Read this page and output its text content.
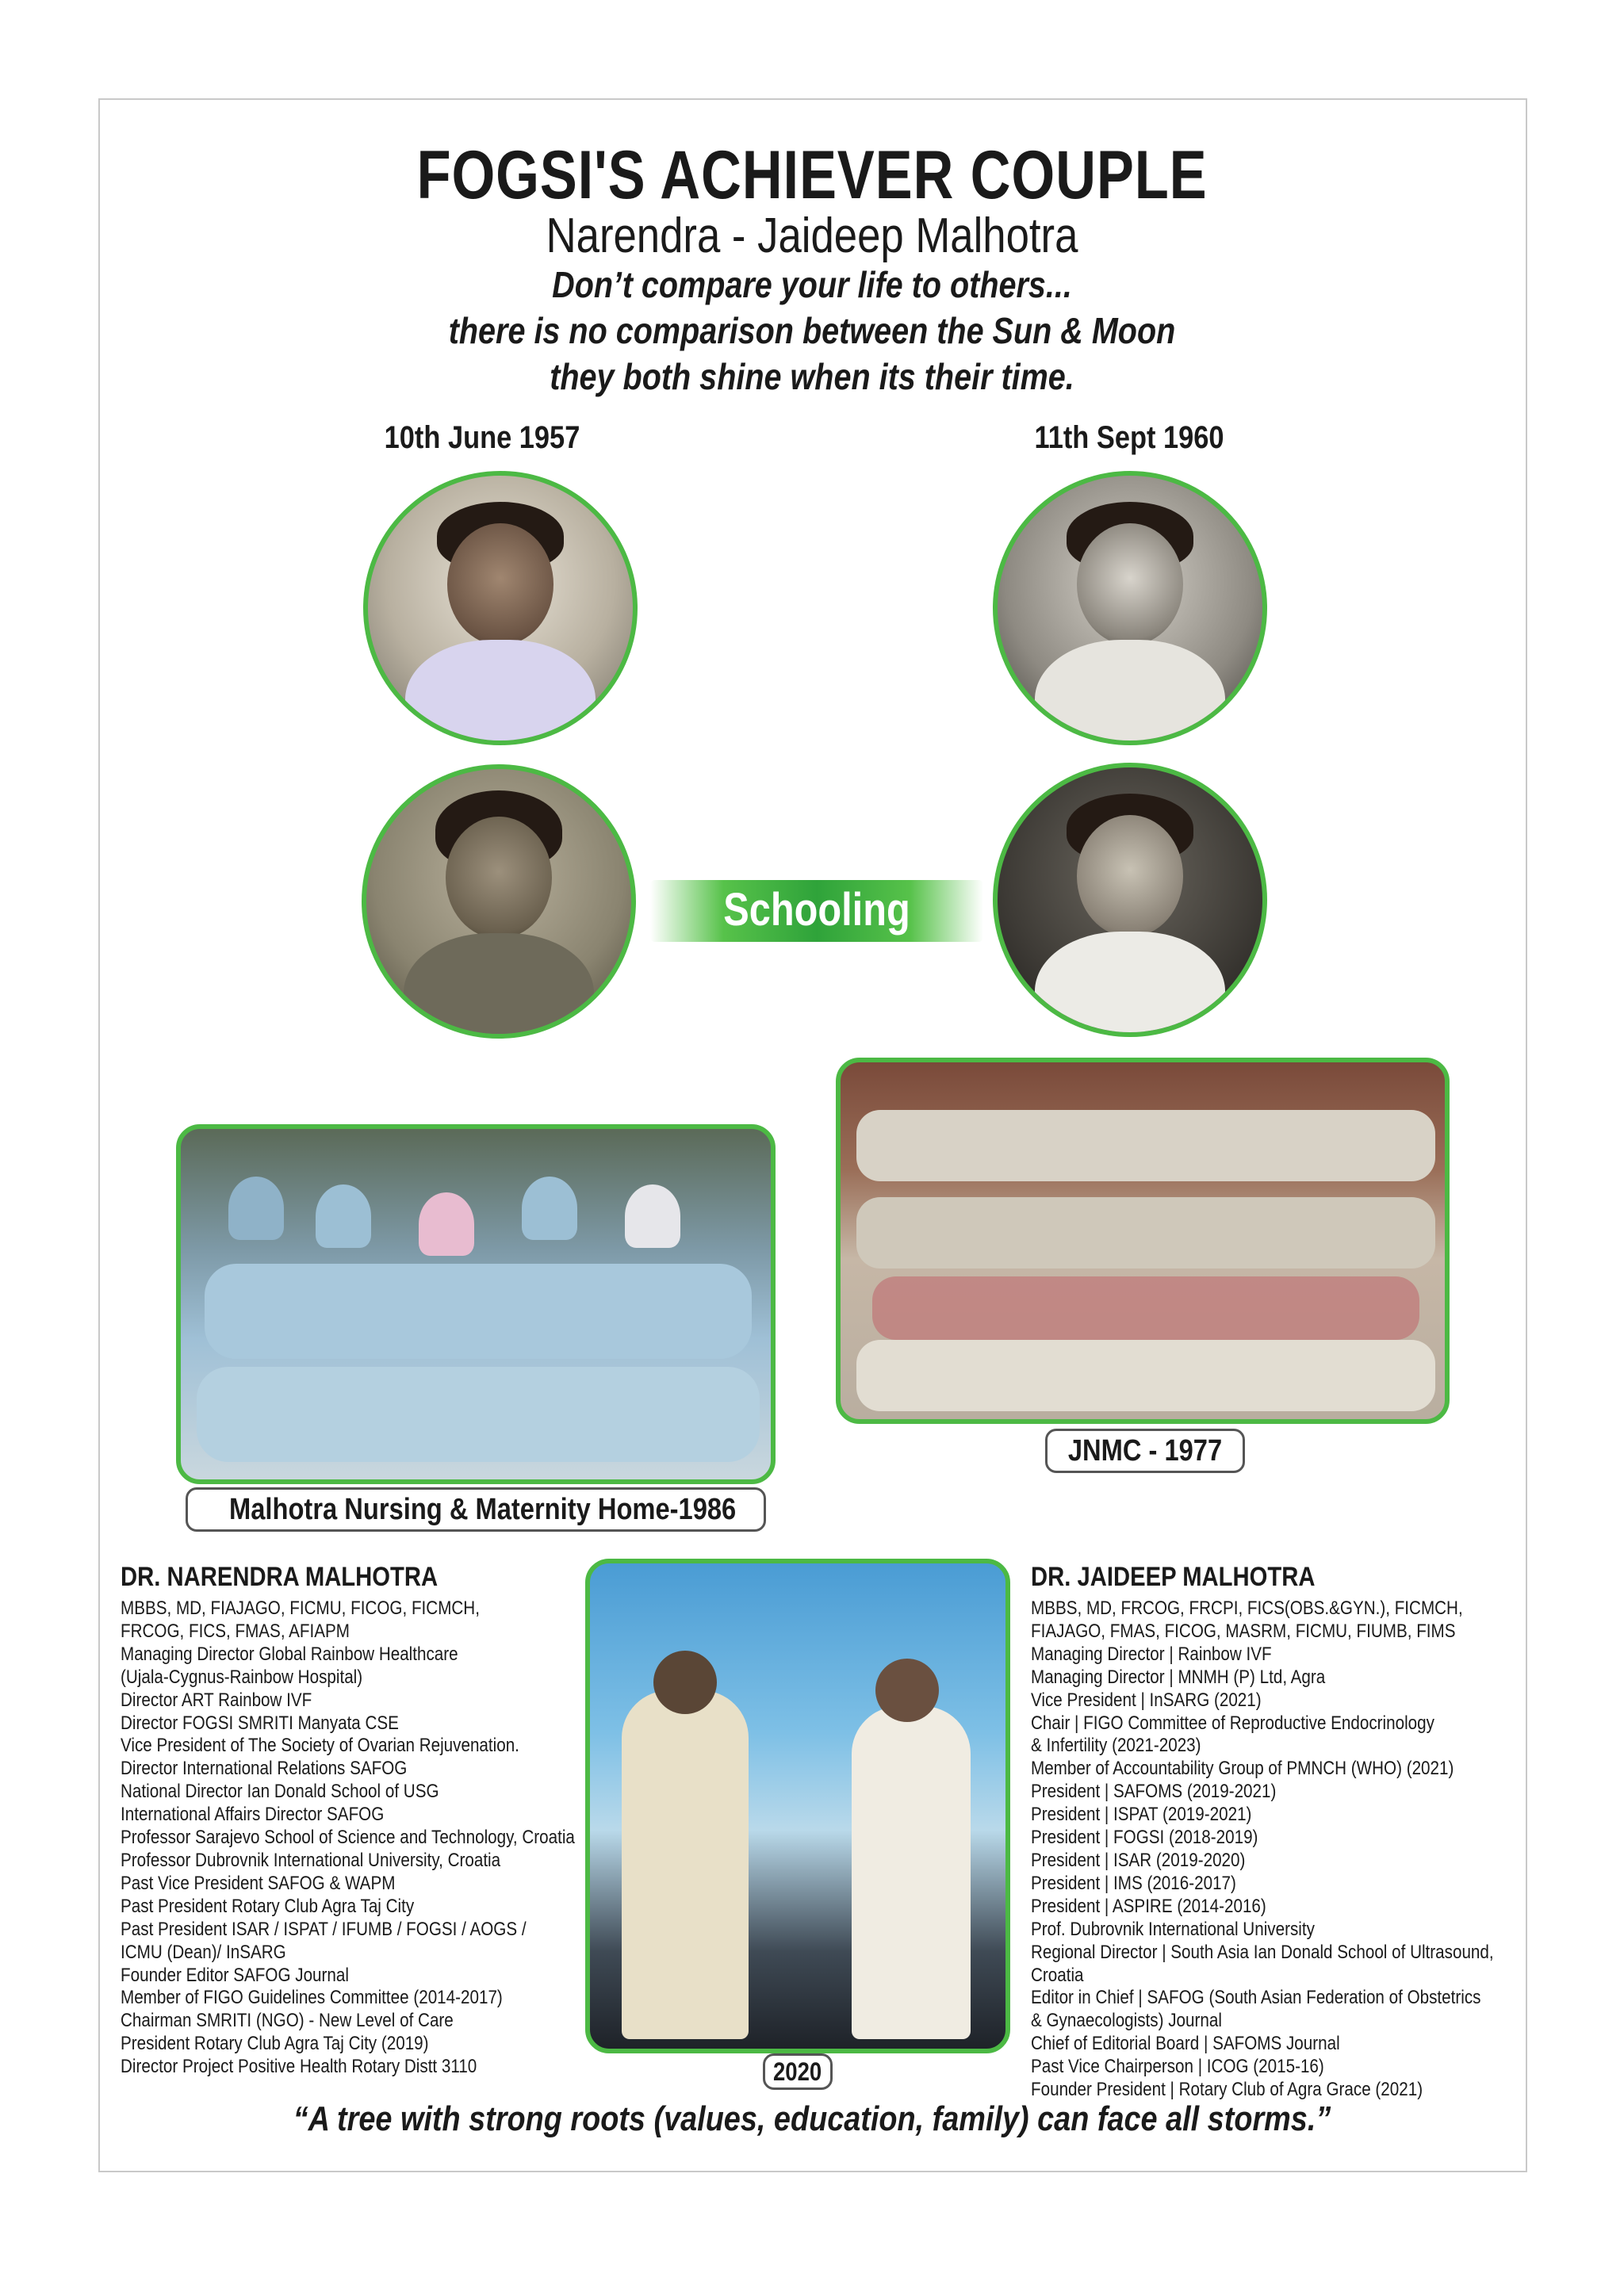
FOGSI'S ACHIEVER COUPLE
Narendra - Jaideep Malhotra
Don’t compare your life to others...
there is no comparison between the Sun & Moon
they both shine when its their time.
10th June 1957	11th Sept 1960
Schooling
Malhotra Nursing & Maternity Home-1986
JNMC - 1977
2020
DR. NARENDRA MALHOTRA
MBBS, MD, FIAJAGO, FICMU, FICOG, FICMCH,
FRCOG, FICS, FMAS, AFIAPM
Managing Director Global Rainbow Healthcare
(Ujala-Cygnus-Rainbow Hospital)
Director ART Rainbow IVF
Director FOGSI SMRITI Manyata CSE
Vice President of The Society of Ovarian Rejuvenation.
Director International Relations SAFOG
National Director Ian Donald School of USG
International Affairs Director SAFOG
Professor Sarajevo School of Science and Technology, Croatia
Professor Dubrovnik International University, Croatia
Past Vice President SAFOG & WAPM
Past President Rotary Club Agra Taj City
Past President ISAR / ISPAT / IFUMB / FOGSI / AOGS /
ICMU (Dean)/ InSARG
Founder Editor SAFOG Journal
Member of FIGO Guidelines Committee (2014-2017)
Chairman SMRITI (NGO) - New Level of Care
President Rotary Club Agra Taj City (2019)
Director Project Positive Health Rotary Distt 3110
DR. JAIDEEP MALHOTRA
MBBS, MD, FRCOG, FRCPI, FICS(OBS.&GYN.), FICMCH,
FIAJAGO, FMAS, FICOG, MASRM, FICMU, FIUMB, FIMS
Managing Director | Rainbow IVF
Managing Director | MNMH (P) Ltd, Agra
Vice President | InSARG (2021)
Chair | FIGO Committee of Reproductive Endocrinology
& Infertility (2021-2023)
Member of Accountability Group of PMNCH (WHO) (2021)
President | SAFOMS (2019-2021)
President | ISPAT (2019-2021)
President | FOGSI (2018-2019)
President | ISAR (2019-2020)
President | IMS (2016-2017)
President | ASPIRE (2014-2016)
Prof. Dubrovnik International University
Regional Director | South Asia Ian Donald School of Ultrasound,
Croatia
Editor in Chief | SAFOG (South Asian Federation of Obstetrics
& Gynaecologists) Journal
Chief of Editorial Board | SAFOMS Journal
Past Vice Chairperson | ICOG (2015-16)
Founder President | Rotary Club of Agra Grace (2021)
“A tree with strong roots (values, education, family) can face all storms.”
